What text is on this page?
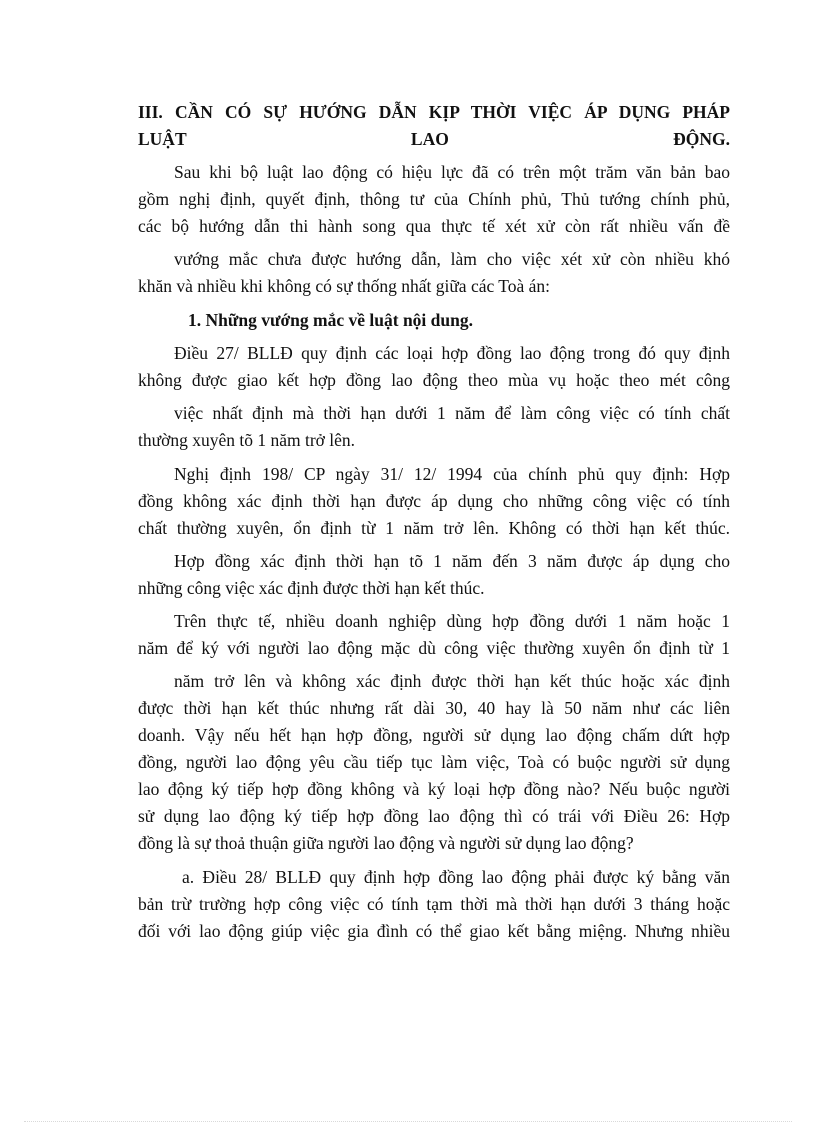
III. CẦN CÓ SỰ HƯỚNG DẪN KỊP THỜI VIỆC ÁP DỤNG PHÁP

LUẬT	LAO	ĐỘNG.

Sau khi bộ luật lao động có hiệu lực đã có trên một trăm văn bản bao

gồm nghị định, quyết định, thông tư của Chính phủ, Thủ tướng chính phủ,

các bộ hướng dẫn thi hành song qua thực tế xét xử còn rất nhiều vấn đề

vướng mắc chưa được hướng dẫn, làm cho việc xét xử còn nhiều khó

khăn và nhiều khi không có sự thống nhất giữa các Toà án:

1. Những vướng mắc về luật nội dung.

Điều 27/ BLLĐ quy định các loại hợp đồng lao động trong đó quy định

không được giao kết hợp đồng lao động theo mùa vụ hoặc theo mét công

việc nhất định mà thời hạn dưới 1 năm để làm công việc có tính chất

thường xuyên tõ 1 năm trở lên.

Nghị định 198/ CP ngày 31/ 12/ 1994 của chính phủ quy định: Hợp

đồng không xác định thời hạn được áp dụng cho những công việc có tính

chất thường xuyên, ổn định từ 1 năm trở lên. Không có thời hạn kết thúc.

Hợp đồng xác định thời hạn tõ 1 năm đến 3 năm được áp dụng cho

những công việc xác định được thời hạn kết thúc.

Trên thực tế, nhiều doanh nghiệp dùng hợp đồng dưới 1 năm hoặc 1

năm để ký với người lao động mặc dù công việc thường xuyên ổn định từ 1

năm trở lên và không xác định được thời hạn kết thúc hoặc xác định

được thời hạn kết thúc nhưng rất dài 30, 40 hay là 50 năm như các liên

doanh. Vậy nếu hết hạn hợp đồng, người sử dụng lao động chấm dứt hợp

đồng, người lao động yêu cầu tiếp tục làm việc, Toà có buộc người sử dụng

lao động ký tiếp hợp đồng không và ký loại hợp đồng nào? Nếu buộc người

sử dụng lao động ký tiếp hợp đồng lao động thì có trái với Điều 26: Hợp

đồng là sự thoả thuận giữa người lao động và người sử dụng lao động?

a. Điều 28/ BLLĐ quy định hợp đồng lao động phải được ký bằng văn

bản trừ trường hợp công việc có tính tạm thời mà thời hạn dưới 3 tháng hoặc

đối với lao động giúp việc gia đình có thể giao kết bằng miệng. Nhưng nhiều
